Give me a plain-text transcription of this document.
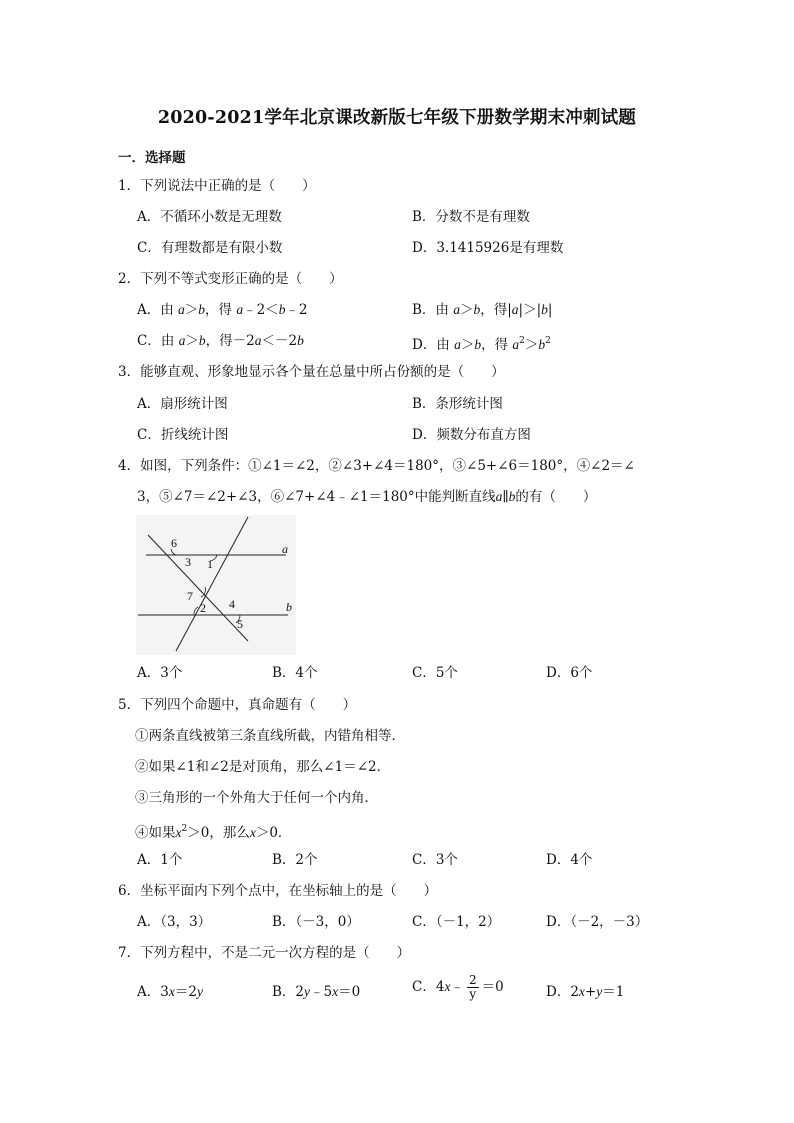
2020-2021学年北京课改新版七年级下册数学期末冲刺试题
一．选择题
1．下列说法中正确的是（　　）
A．不循环小数是无理数	B．分数不是有理数
C．有理数都是有限小数	D．3.1415926是有理数
2．下列不等式变形正确的是（　　）
A．由 a＞b，得 a﹣2＜b﹣2	B．由 a＞b，得|a|＞|b|
C．由 a＞b，得－2a＜－2b	D．由 a＞b，得 $a^2>b^2$
3．能够直观、形象地显示各个量在总量中所占份额的是（　　）
A．扇形统计图	B．条形统计图
C．折线统计图	D．频数分布直方图
4．如图，下列条件：①∠1＝∠2，②∠3+∠4＝180°，③∠5+∠6＝180°，④∠2＝∠
3，⑤∠7＝∠2+∠3，⑥∠7+∠4﹣∠1＝180°中能判断直线a∥b的有（　　）
6
3 1
a
7
2 4
5
b
A．3个	B．4个	C．5个	D．6个
5．下列四个命题中，真命题有（　　）
①两条直线被第三条直线所截，内错角相等．
②如果∠1和∠2是对顶角，那么∠1＝∠2．
③三角形的一个外角大于任何一个内角．
④如果$x^2>0$，那么x＞0．
A．1个	B．2个	C．3个	D．4个
6．坐标平面内下列个点中，在坐标轴上的是（　　）
A．（3，3）	B．（－3，0）	C．（－1，2）	D．（－2，－3）
7．下列方程中，不是二元一次方程的是（　　）
A．3x＝2y	B．2y﹣5x＝0	C．4x﹣ $\frac{2}{y} =0$	D．2x+y＝1
